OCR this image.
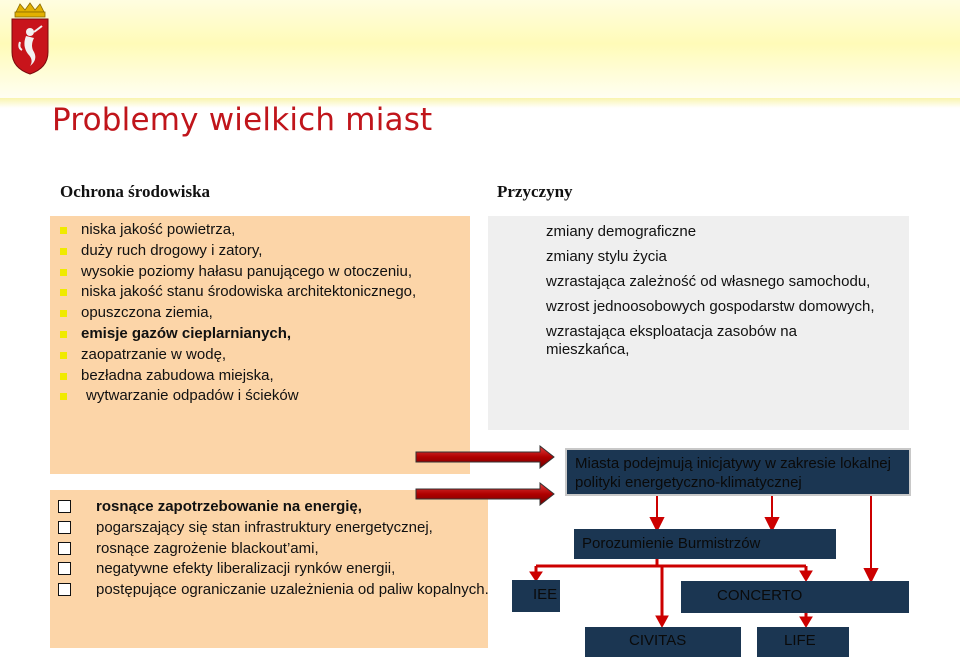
Problemy wielkich miast
Ochrona środowiska	Przyczyny
niska jakość powietrza,
duży ruch drogowy i zatory,
wysokie poziomy hałasu panującego w otoczeniu,
niska jakość stanu środowiska architektonicznego,
opuszczona ziemia,
emisje gazów cieplarnianych,
zaopatrzanie w wodę,
bezładna zabudowa miejska,
wytwarzanie odpadów i ścieków
rosnące zapotrzebowanie na energię,
pogarszający się stan infrastruktury energetycznej,
rosnące zagrożenie blackout’ami,
negatywne efekty liberalizacji rynków energii,
postępujące ograniczanie uzależnienia od paliw kopalnych.
zmiany demograficzne
zmiany stylu życia
wzrastająca zależność od własnego samochodu,
wzrost jednoosobowych gospodarstw domowych,
wzrastająca eksploatacja zasobów na mieszkańca,
Miasta podejmują inicjatywy w zakresie lokalnej polityki energetyczno-klimatycznej
Porozumienie Burmistrzów
IEE	CONCERTO
CIVITAS	LIFE
